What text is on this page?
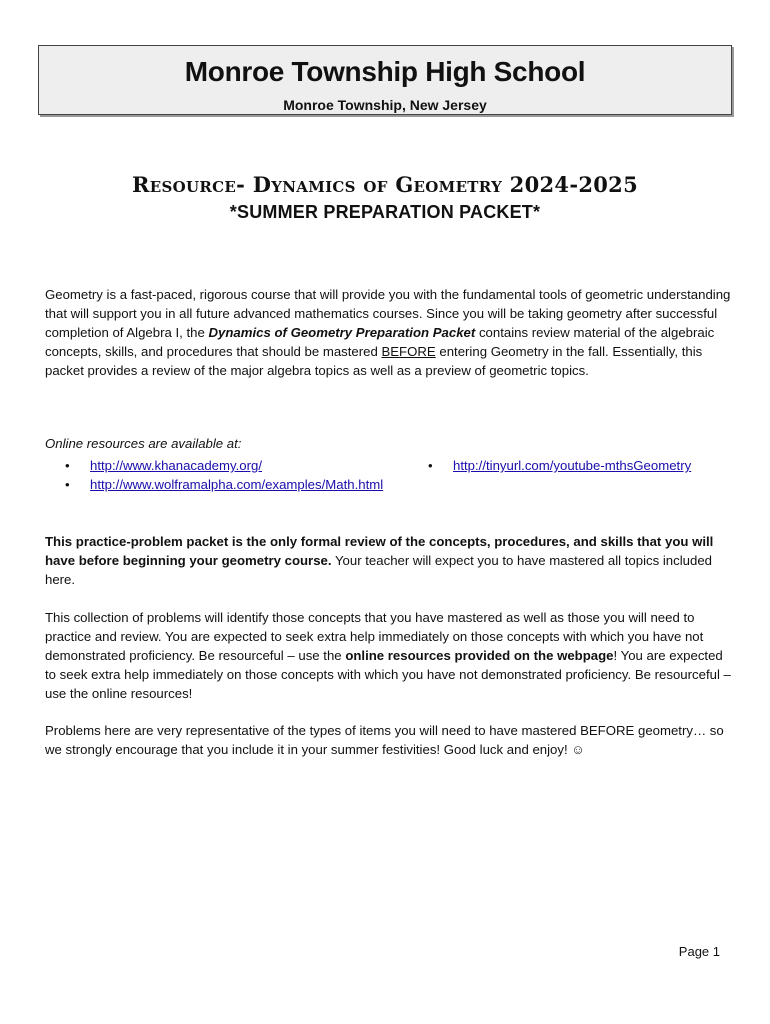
Monroe Township High School
Monroe Township, New Jersey
Resource- Dynamics of Geometry 2024-2025
*SUMMER PREPARATION PACKET*
Geometry is a fast-paced, rigorous course that will provide you with the fundamental tools of geometric understanding that will support you in all future advanced mathematics courses. Since you will be taking geometry after successful completion of Algebra I, the Dynamics of Geometry Preparation Packet contains review material of the algebraic concepts, skills, and procedures that should be mastered BEFORE entering Geometry in the fall. Essentially, this packet provides a review of the major algebra topics as well as a preview of geometric topics.
Online resources are available at:
• http://www.khanacademy.org/
• http://www.wolframalpha.com/examples/Math.html
• http://tinyurl.com/youtube-mthsGeometry
This practice-problem packet is the only formal review of the concepts, procedures, and skills that you will have before beginning your geometry course. Your teacher will expect you to have mastered all topics included here.
This collection of problems will identify those concepts that you have mastered as well as those you will need to practice and review. You are expected to seek extra help immediately on those concepts with which you have not demonstrated proficiency. Be resourceful – use the online resources provided on the webpage! You are expected to seek extra help immediately on those concepts with which you have not demonstrated proficiency. Be resourceful – use the online resources!
Problems here are very representative of the types of items you will need to have mastered BEFORE geometry… so we strongly encourage that you include it in your summer festivities! Good luck and enjoy! ☺
Page 1
